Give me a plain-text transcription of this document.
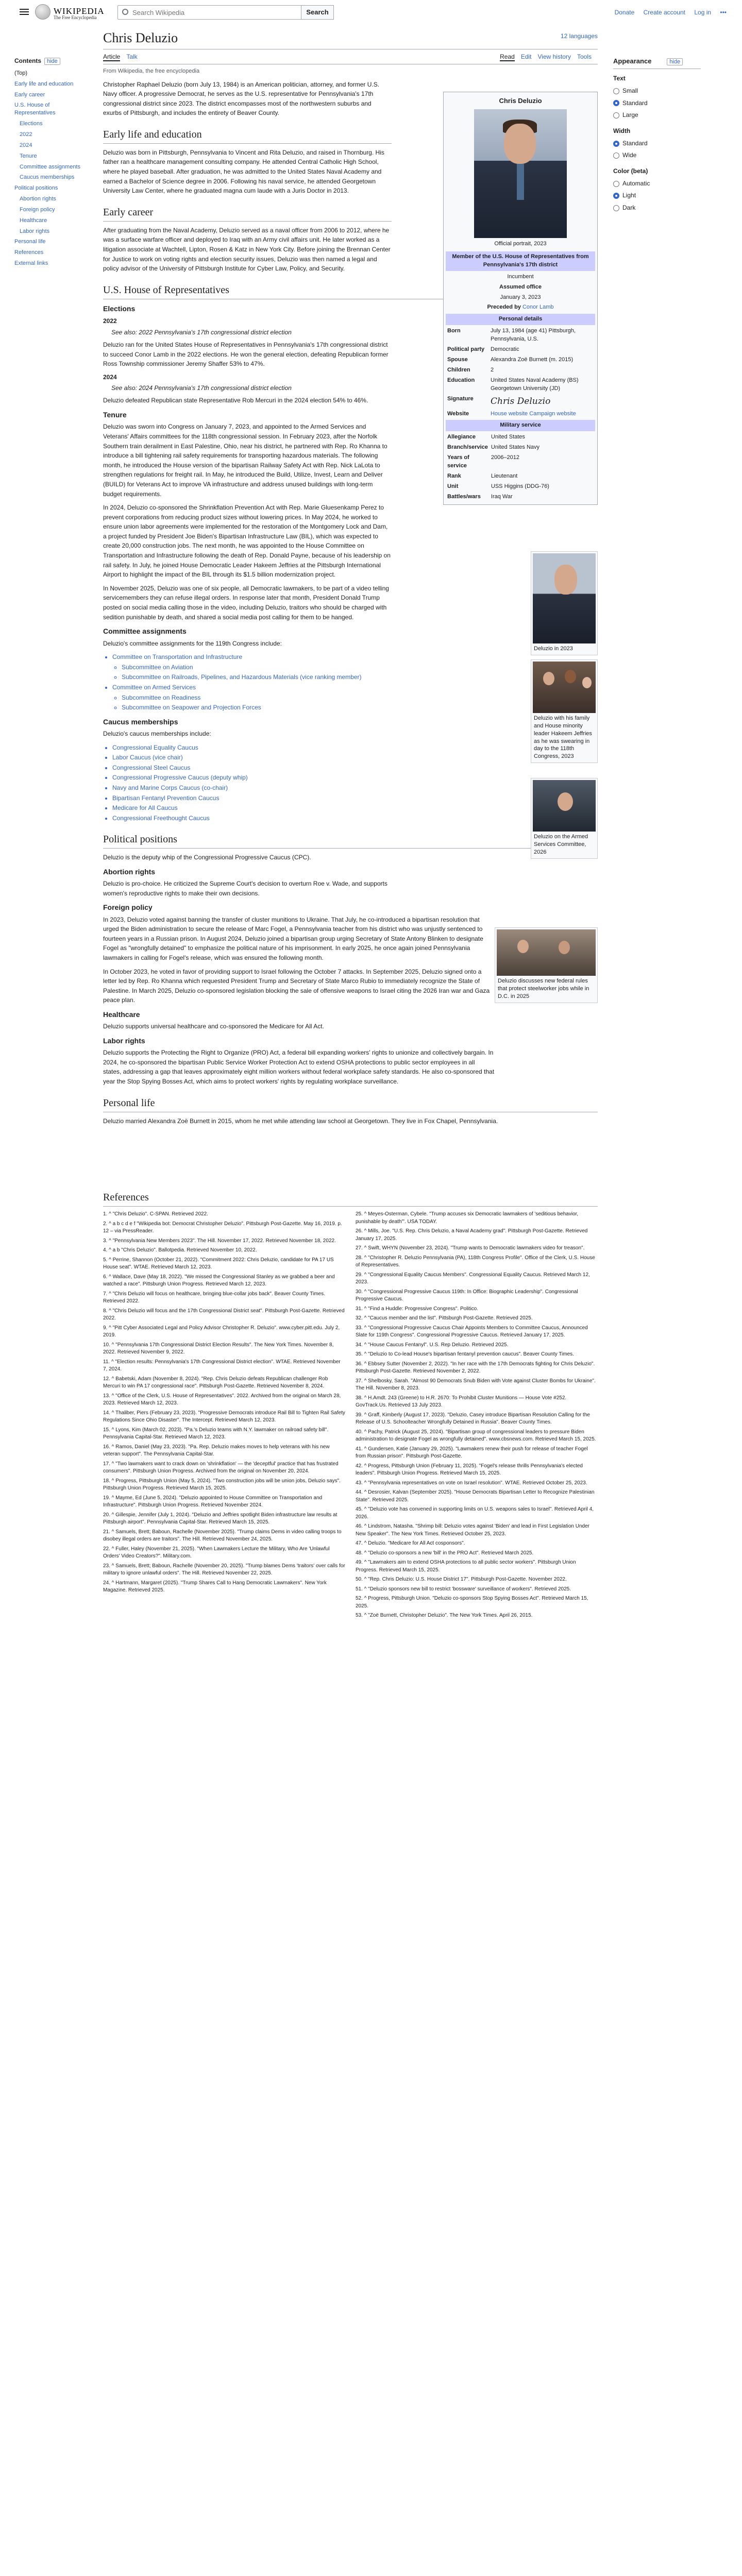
WIKIPEDIA
The Free Encyclopedia
Search Wikipedia
Search	Donate Create account Log in •••
Contents hide
(Top)
Early life and education
Early career
U.S. House of Representatives
Elections
2022
2024
Tenure
Committee assignments
Caucus memberships
Political positions
Abortion rights
Foreign policy
Healthcare
Labor rights
Personal life
References
External links
Appearance	hide
Text
Small
Standard
Large
Width
Standard
Wide
Color (beta)
Automatic
Light
Dark
Chris Deluzio	12 languages
Article Talk	Read Edit View history Tools
From Wikipedia, the free encyclopedia

Christopher Raphael Deluzio (born July 13, 1984) is an American politician, attorney, and former U.S. Navy officer. A progressive Democrat, he serves as the U.S. representative for Pennsylvania's 17th congressional district since 2023. The district encompasses most of the northwestern suburbs and exurbs of Pittsburgh, and includes the entirety of Beaver County.

Early life and education

Deluzio was born in Pittsburgh, Pennsylvania to Vincent and Rita Deluzio, and raised in Thornburg. His father ran a healthcare management consulting company. He attended Central Catholic High School, where he played baseball. After graduation, he was admitted to the United States Naval Academy and earned a Bachelor of Science degree in 2006. Following his naval service, he attended Georgetown University Law Center, where he graduated magna cum laude with a Juris Doctor in 2013.

Early career

After graduating from the Naval Academy, Deluzio served as a naval officer from 2006 to 2012, where he was a surface warfare officer and deployed to Iraq with an Army civil affairs unit. He later worked as a litigation associate at Wachtell, Lipton, Rosen & Katz in New York City. Before joining the Brennan Center for Justice to work on voting rights and election security issues, Deluzio was then named a legal and policy advisor of the University of Pittsburgh Institute for Cyber Law, Policy, and Security.

U.S. House of Representatives
Elections
2022
See also: 2022 Pennsylvania's 17th congressional district election

Deluzio ran for the United States House of Representatives in Pennsylvania's 17th congressional district to succeed Conor Lamb in the 2022 elections. He won the general election, defeating Republican former Ross Township commissioner Jeremy Shaffer 53% to 47%.

2024
See also: 2024 Pennsylvania's 17th congressional district election

Deluzio defeated Republican state Representative Rob Mercuri in the 2024 election 54% to 46%.

Tenure

Deluzio was sworn into Congress on January 7, 2023, and appointed to the Armed Services and Veterans' Affairs committees for the 118th congressional session. In February 2023, after the Norfolk Southern train derailment in East Palestine, Ohio, near his district, he partnered with Rep. Ro Khanna to introduce a bill tightening rail safety requirements for transporting hazardous materials. The following month, he introduced the House version of the bipartisan Railway Safety Act with Rep. Nick LaLota to strengthen regulations for freight rail. In May, he introduced the Build, Utilize, Invest, Learn and Deliver (BUILD) for Veterans Act to improve VA infrastructure and address unused buildings with long-term budget requirements.

In 2024, Deluzio co-sponsored the Shrinkflation Prevention Act with Rep. Marie Gluesenkamp Perez to prevent corporations from reducing product sizes without lowering prices. In May 2024, he worked to ensure union labor agreements were implemented for the restoration of the Montgomery Lock and Dam, a project funded by President Joe Biden's Bipartisan Infrastructure Law (BIL), which was expected to create 20,000 construction jobs. The next month, he was appointed to the House Committee on Transportation and Infrastructure following the death of Rep. Donald Payne, because of his leadership on rail safety. In July, he joined House Democratic Leader Hakeem Jeffries at the Pittsburgh International Airport to highlight the impact of the BIL through its $1.5 billion modernization project.

In November 2025, Deluzio was one of six people, all Democratic lawmakers, to be part of a video telling servicemembers they can refuse illegal orders. In response later that month, President Donald Trump posted on social media calling those in the video, including Deluzio, traitors who should be charged with sedition punishable by death, and shared a social media post calling for them to be hanged.

Committee assignments

Deluzio's committee assignments for the 119th Congress include:

• Committee on Transportation and Infrastructure
◦ Subcommittee on Aviation
◦ Subcommittee on Railroads, Pipelines, and Hazardous Materials (vice ranking member)
• Committee on Armed Services
◦ Subcommittee on Readiness
◦ Subcommittee on Seapower and Projection Forces
Caucus memberships

Deluzio's caucus memberships include:

• Congressional Equality Caucus
• Labor Caucus (vice chair)
• Congressional Steel Caucus
• Congressional Progressive Caucus (deputy whip)
• Navy and Marine Corps Caucus (co-chair)
• Bipartisan Fentanyl Prevention Caucus
• Medicare for All Caucus
• Congressional Freethought Caucus
Political positions

Deluzio is the deputy whip of the Congressional Progressive Caucus (CPC).

Abortion rights

Deluzio is pro-choice. He criticized the Supreme Court's decision to overturn Roe v. Wade, and supports women's reproductive rights to make their own decisions.

Foreign policy

In 2023, Deluzio voted against banning the transfer of cluster munitions to Ukraine. That July, he co-introduced a bipartisan resolution that urged the Biden administration to secure the release of Marc Fogel, a Pennsylvania teacher from his district who was unjustly sentenced to fourteen years in a Russian prison. In August 2024, Deluzio joined a bipartisan group urging Secretary of State Antony Blinken to designate Fogel as "wrongfully detained" to emphasize the political nature of his imprisonment. In early 2025, he once again joined Pennsylvania lawmakers in calling for Fogel's release, which was ensured the following month.

In October 2023, he voted in favor of providing support to Israel following the October 7 attacks. In September 2025, Deluzio signed onto a letter led by Rep. Ro Khanna which requested President Trump and Secretary of State Marco Rubio to immediately recognize the State of Palestine. In March 2025, Deluzio co-sponsored legislation blocking the sale of offensive weapons to Israel citing the 2026 Iran war and Gaza peace plan.

Healthcare

Deluzio supports universal healthcare and co-sponsored the Medicare for All Act.

Labor rights

Deluzio supports the Protecting the Right to Organize (PRO) Act, a federal bill expanding workers' rights to unionize and collectively bargain. In 2024, he co-sponsored the bipartisan Public Service Worker Protection Act to extend OSHA protections to public sector employees in all states, addressing a gap that leaves approximately eight million workers without federal workplace safety standards. He also co-sponsored that year the Stop Spying Bosses Act, which aims to protect workers' rights by regulating workplace surveillance.

Personal life

Deluzio married Alexandra Zoë Burnett in 2015, whom he met while attending law school at Georgetown. They live in Fox Chapel, Pennsylvania.

Chris Deluzio
Official portrait, 2023
Member of the U.S. House of Representatives from Pennsylvania's 17th district
Incumbent
Assumed office
January 3, 2023
Preceded by Conor Lamb
Personal details
Born	July 13, 1984 (age 41) Pittsburgh, Pennsylvania, U.S.
Political party	Democratic
Spouse	Alexandra Zoë Burnett (m. 2015)
Children	2
Education	United States Naval Academy (BS) Georgetown University (JD)
Signature	Chris Deluzio
Website	House website Campaign website
Military service
Allegiance	United States
Branch/service	United States Navy
Years of service	2006–2012
Rank	Lieutenant
Unit	USS Higgins (DDG-76)
Battles/wars	Iraq War
Deluzio in 2023
Deluzio with his family and House minority leader Hakeem Jeffries as he was swearing in day to the 118th Congress, 2023
Deluzio on the Armed Services Committee, 2026
Deluzio discusses new federal rules that protect steelworker jobs while in D.C. in 2025
References
1. ^ "Chris Deluzio". C-SPAN. Retrieved 2022.
2. ^ a b c d e f "Wikipedia bot: Democrat Christopher Deluzio". Pittsburgh Post-Gazette. May 16, 2019. p. 12 – via PressReader.
3. ^ "Pennsylvania New Members 2023". The Hill. November 17, 2022. Retrieved November 18, 2022.
4. ^ a b "Chris Deluzio". Ballotpedia. Retrieved November 10, 2022.
5. ^ Perrine, Shannon (October 21, 2022). "Commitment 2022: Chris Deluzio, candidate for PA 17 US House seat". WTAE. Retrieved March 12, 2023.
6. ^ Wallace, Dave (May 18, 2022). "We missed the Congressional Stanley as we grabbed a beer and watched a race". Pittsburgh Union Progress. Retrieved March 12, 2023.
7. ^ "Chris Deluzio will focus on healthcare, bringing blue-collar jobs back". Beaver County Times. Retrieved 2022.
8. ^ "Chris Deluzio will focus and the 17th Congressional District seat". Pittsburgh Post-Gazette. Retrieved 2022.
9. ^ "Pitt Cyber Associated Legal and Policy Advisor Christopher R. Deluzio". www.cyber.pitt.edu. July 2, 2019.
10. ^ "Pennsylvania 17th Congressional District Election Results". The New York Times. November 8, 2022. Retrieved November 9, 2022.
11. ^ "Election results: Pennsylvania's 17th Congressional District election". WTAE. Retrieved November 7, 2024.
12. ^ Babetski, Adam (November 8, 2024). "Rep. Chris Deluzio defeats Republican challenger Rob Mercuri to win PA 17 congressional race". Pittsburgh Post-Gazette. Retrieved November 8, 2024.
13. ^ "Office of the Clerk, U.S. House of Representatives". 2022. Archived from the original on March 28, 2023. Retrieved March 12, 2023.
14. ^ Thaliber, Piers (February 23, 2023). "Progressive Democrats introduce Rail Bill to Tighten Rail Safety Regulations Since Ohio Disaster". The Intercept. Retrieved March 12, 2023.
15. ^ Lyons, Kim (March 02, 2023). "Pa.'s Deluzio teams with N.Y. lawmaker on railroad safety bill". Pennsylvania Capital-Star. Retrieved March 12, 2023.
16. ^ Ramos, Daniel (May 23, 2023). "Pa. Rep. Deluzio makes moves to help veterans with his new veteran support". The Pennsylvania Capital-Star.
17. ^ "Two lawmakers want to crack down on 'shrinkflation' — the 'deceptful' practice that has frustrated consumers". Pittsburgh Union Progress. Archived from the original on November 20, 2024.
18. ^ Progress, Pittsburgh Union (May 5, 2024). "Two construction jobs will be union jobs, Deluzio says". Pittsburgh Union Progress. Retrieved March 15, 2025.
19. ^ Mayme, Ed (June 5, 2024). "Deluzio appointed to House Committee on Transportation and Infrastructure". Pittsburgh Union Progress. Retrieved November 2024.
20. ^ Gillespie, Jennifer (July 1, 2024). "Deluzio and Jeffries spotlight Biden infrastructure law results at Pittsburgh airport". Pennsylvania Capital-Star. Retrieved March 15, 2025.
21. ^ Samuels, Brett; Baboun, Rachelle (November 2025). "Trump claims Dems in video calling troops to disobey illegal orders are traitors". The Hill. Retrieved November 24, 2025.
22. ^ Fuller, Haley (November 21, 2025). "When Lawmakers Lecture the Military, Who Are 'Unlawful Orders' Video Creators?". Military.com.
23. ^ Samuels, Brett; Baboun, Rachelle (November 20, 2025). "Trump blames Dems 'traitors' over calls for military to ignore unlawful orders". The Hill. Retrieved November 22, 2025.
24. ^ Hartmann, Margaret (2025). "Trump Shares Call to Hang Democratic Lawmakers". New York Magazine. Retrieved 2025.
25. ^ Meyes-Osterman, Cybele. "Trump accuses six Democratic lawmakers of 'seditious behavior, punishable by death'". USA TODAY.
26. ^ Mills, Joe. "U.S. Rep. Chris Deluzio, a Naval Academy grad". Pittsburgh Post-Gazette. Retrieved January 17, 2025.
27. ^ Swift, WHYN (November 23, 2024). "Trump wants to Democratic lawmakers video for treason".
28. ^ "Christopher R. Deluzio Pennsylvania (PA), 118th Congress Profile". Office of the Clerk, U.S. House of Representatives.
29. ^ "Congressional Equality Caucus Members". Congressional Equality Caucus. Retrieved March 12, 2023.
30. ^ "Congressional Progressive Caucus 119th: In Office: Biographic Leadership". Congressional Progressive Caucus.
31. ^ "Find a Huddle: Progressive Congress". Politico.
32. ^ "Caucus member and the list". Pittsburgh Post-Gazette. Retrieved 2025.
33. ^ "Congressional Progressive Caucus Chair Appoints Members to Committee Caucus, Announced Slate for 119th Congress". Congressional Progressive Caucus. Retrieved January 17, 2025.
34. ^ "House Caucus Fentanyl". U.S. Rep Deluzio. Retrieved 2025.
35. ^ "Deluzio to Co-lead House's bipartisan fentanyl prevention caucus". Beaver County Times.
36. ^ Ebbsey Sutter (November 2, 2022). "In her race with the 17th Democrats fighting for Chris Deluzio". Pittsburgh Post-Gazette. Retrieved November 2, 2022.
37. ^ Shelbosky, Sarah. "Almost 90 Democrats Snub Biden with Vote against Cluster Bombs for Ukraine". The Hill. November 8, 2023.
38. ^ H.Amdt. 243 (Greene) to H.R. 2670: To Prohibit Cluster Munitions — House Vote #252. GovTrack.Us. Retrieved 13 July 2023.
39. ^ Graff, Kimberly (August 17, 2023). "Deluzio, Casey introduce Bipartisan Resolution Calling for the Release of U.S. Schoolteacher Wrongfully Detained in Russia". Beaver County Times.
40. ^ Pachy, Patrick (August 25, 2024). "Bipartisan group of congressional leaders to pressure Biden administration to designate Fogel as wrongfully detained". www.cbsnews.com. Retrieved March 15, 2025.
41. ^ Gundersen, Katie (January 29, 2025). "Lawmakers renew their push for release of teacher Fogel from Russian prison". Pittsburgh Post-Gazette.
42. ^ Progress, Pittsburgh Union (February 11, 2025). "Fogel's release thrills Pennsylvania's elected leaders". Pittsburgh Union Progress. Retrieved March 15, 2025.
43. ^ "Pennsylvania representatives on vote on Israel resolution". WTAE. Retrieved October 25, 2023.
44. ^ Desrosier, Kalvan (September 2025). "House Democrats Bipartisan Letter to Recognize Palestinian State". Retrieved 2025.
45. ^ "Deluzio vote has convened in supporting limits on U.S. weapons sales to Israel". Retrieved April 4, 2026.
46. ^ Lindstrom, Natasha. "Shrimp bill: Deluzio votes against 'Biden' and lead in First Legislation Under New Speaker". The New York Times. Retrieved October 25, 2023.
47. ^ Deluzio. "Medicare for All Act cosponsors".
48. ^ "Deluzio co-sponsors a new 'bill' in the PRO Act". Retrieved March 2025.
49. ^ "Lawmakers aim to extend OSHA protections to all public sector workers". Pittsburgh Union Progress. Retrieved March 15, 2025.
50. ^ "Rep. Chris Deluzio: U.S. House District 17". Pittsburgh Post-Gazette. November 2022.
51. ^ "Deluzio sponsors new bill to restrict 'bossware' surveillance of workers". Retrieved 2025.
52. ^ Progress, Pittsburgh Union. "Deluzio co-sponsors Stop Spying Bosses Act". Retrieved March 15, 2025.
53. ^ "Zoë Burnett, Christopher Deluzio". The New York Times. April 26, 2015.
